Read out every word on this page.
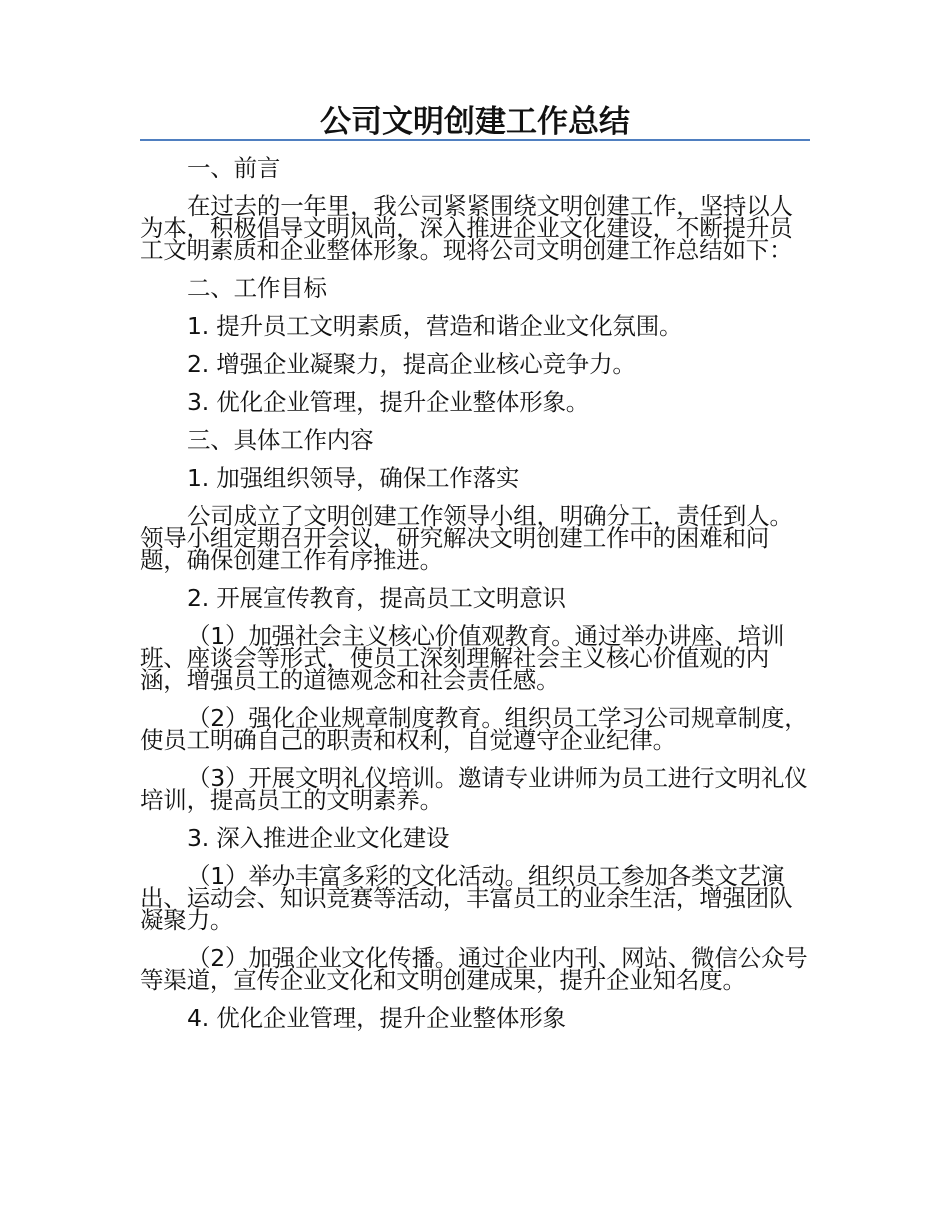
公司文明创建工作总结

一、前言

在过去的一年里，我公司紧紧围绕文明创建工作，坚持以人为本，积极倡导文明风尚，深入推进企业文化建设，不断提升员工文明素质和企业整体形象。现将公司文明创建工作总结如下：

二、工作目标

1. 提升员工文明素质，营造和谐企业文化氛围。

2. 增强企业凝聚力，提高企业核心竞争力。

3. 优化企业管理，提升企业整体形象。

三、具体工作内容

1. 加强组织领导，确保工作落实

公司成立了文明创建工作领导小组，明确分工，责任到人。领导小组定期召开会议，研究解决文明创建工作中的困难和问题，确保创建工作有序推进。

2. 开展宣传教育，提高员工文明意识

（1）加强社会主义核心价值观教育。通过举办讲座、培训班、座谈会等形式，使员工深刻理解社会主义核心价值观的内涵，增强员工的道德观念和社会责任感。

（2）强化企业规章制度教育。组织员工学习公司规章制度，使员工明确自己的职责和权利，自觉遵守企业纪律。

（3）开展文明礼仪培训。邀请专业讲师为员工进行文明礼仪培训，提高员工的文明素养。

3. 深入推进企业文化建设

（1）举办丰富多彩的文化活动。组织员工参加各类文艺演出、运动会、知识竞赛等活动，丰富员工的业余生活，增强团队凝聚力。

（2）加强企业文化传播。通过企业内刊、网站、微信公众号等渠道，宣传企业文化和文明创建成果，提升企业知名度。

4. 优化企业管理，提升企业整体形象
